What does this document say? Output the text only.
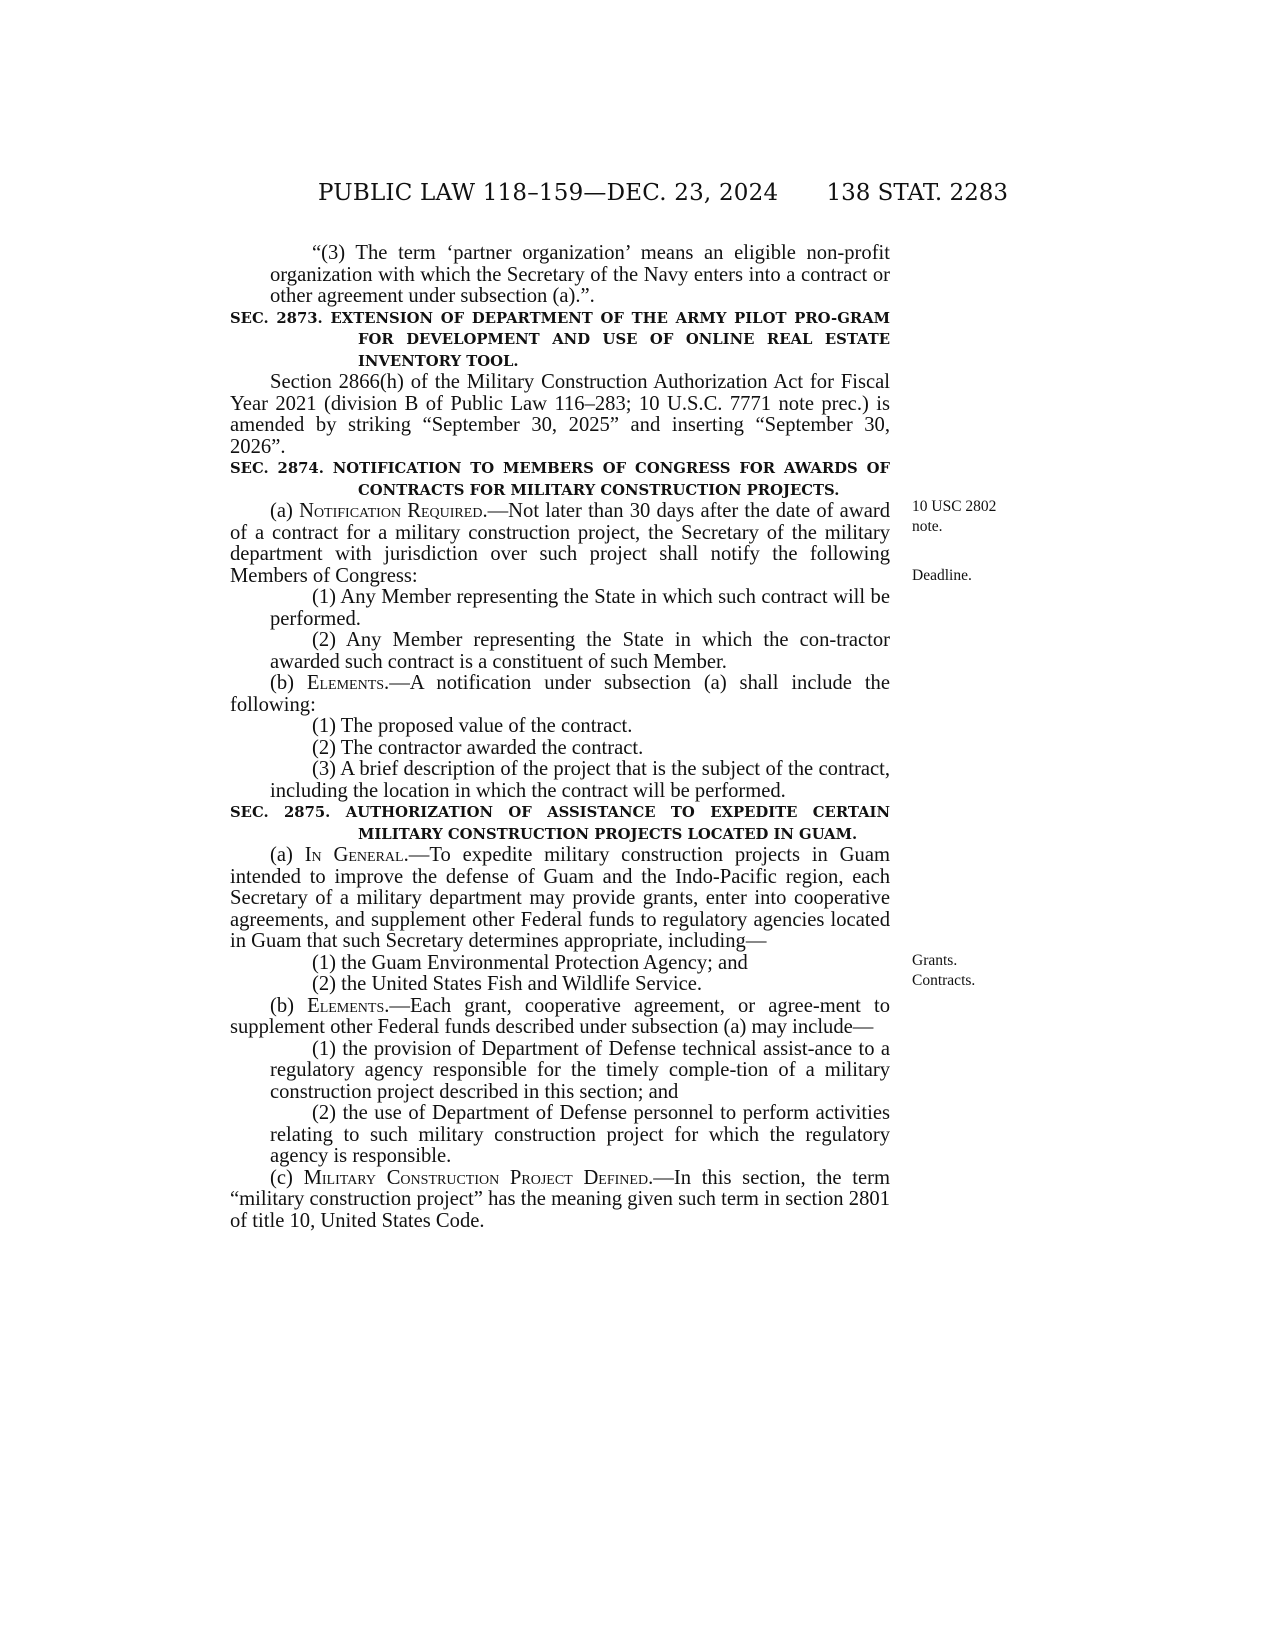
PUBLIC LAW 118–159—DEC. 23, 2024 138 STAT. 2283

“(3) The term ‘partner organization’ means an eligible non-profit organization with which the Secretary of the Navy enters into a contract or other agreement under subsection (a).”.

SEC. 2873. EXTENSION OF DEPARTMENT OF THE ARMY PILOT PRO-GRAM FOR DEVELOPMENT AND USE OF ONLINE REAL ESTATE INVENTORY TOOL.

Section 2866(h) of the Military Construction Authorization Act for Fiscal Year 2021 (division B of Public Law 116–283; 10 U.S.C. 7771 note prec.) is amended by striking “September 30, 2025” and inserting “September 30, 2026”.

SEC. 2874. NOTIFICATION TO MEMBERS OF CONGRESS FOR AWARDS OF CONTRACTS FOR MILITARY CONSTRUCTION PROJECTS.

(a) Notification Required.—Not later than 30 days after the date of award of a contract for a military construction project, the Secretary of the military department with jurisdiction over such project shall notify the following Members of Congress:

(1) Any Member representing the State in which such contract will be performed.

(2) Any Member representing the State in which the con-tractor awarded such contract is a constituent of such Member.

(b) Elements.—A notification under subsection (a) shall include the following:

(1) The proposed value of the contract.

(2) The contractor awarded the contract.

(3) A brief description of the project that is the subject of the contract, including the location in which the contract will be performed.

SEC. 2875. AUTHORIZATION OF ASSISTANCE TO EXPEDITE CERTAIN MILITARY CONSTRUCTION PROJECTS LOCATED IN GUAM.

(a) In General.—To expedite military construction projects in Guam intended to improve the defense of Guam and the Indo-Pacific region, each Secretary of a military department may provide grants, enter into cooperative agreements, and supplement other Federal funds to regulatory agencies located in Guam that such Secretary determines appropriate, including—

(1) the Guam Environmental Protection Agency; and

(2) the United States Fish and Wildlife Service.

(b) Elements.—Each grant, cooperative agreement, or agree-ment to supplement other Federal funds described under subsection (a) may include—

(1) the provision of Department of Defense technical assist-ance to a regulatory agency responsible for the timely comple-tion of a military construction project described in this section; and

(2) the use of Department of Defense personnel to perform activities relating to such military construction project for which the regulatory agency is responsible.

(c) Military Construction Project Defined.—In this section, the term “military construction project” has the meaning given such term in section 2801 of title 10, United States Code.

10 USC 2802
note.
Deadline.
Grants.
Contracts.
